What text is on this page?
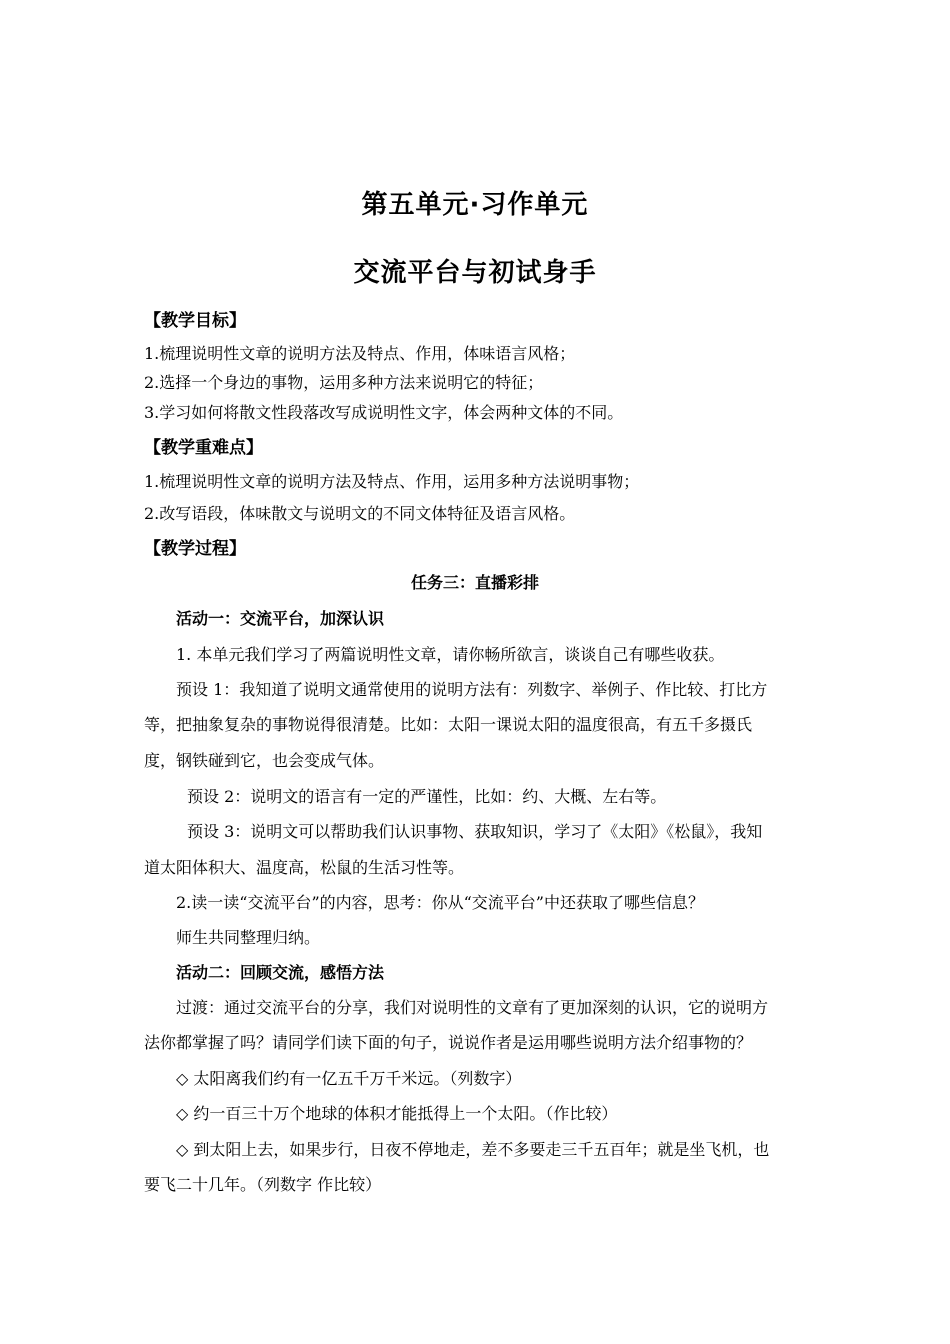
第五单元·习作单元
交流平台与初试身手
【教学目标】
1.梳理说明性文章的说明方法及特点、作用，体味语言风格；
2.选择一个身边的事物，运用多种方法来说明它的特征；
3.学习如何将散文性段落改写成说明性文字，体会两种文体的不同。
【教学重难点】
1.梳理说明性文章的说明方法及特点、作用，运用多种方法说明事物；
2.改写语段，体味散文与说明文的不同文体特征及语言风格。
【教学过程】
任务三：直播彩排
活动一：交流平台，加深认识
1. 本单元我们学习了两篇说明性文章，请你畅所欲言，谈谈自己有哪些收获。
预设 1：我知道了说明文通常使用的说明方法有：列数字、举例子、作比较、打比方
等，把抽象复杂的事物说得很清楚。比如：太阳一课说太阳的温度很高，有五千多摄氏
度，钢铁碰到它，也会变成气体。
预设 2：说明文的语言有一定的严谨性，比如：约、大概、左右等。
预设 3：说明文可以帮助我们认识事物、获取知识，学习了《太阳》《松鼠》，我知
道太阳体积大、温度高，松鼠的生活习性等。
2.读一读“交流平台”的内容，思考：你从“交流平台”中还获取了哪些信息？
师生共同整理归纳。
活动二：回顾交流，感悟方法
过渡：通过交流平台的分享，我们对说明性的文章有了更加深刻的认识，它的说明方
法你都掌握了吗？请同学们读下面的句子，说说作者是运用哪些说明方法介绍事物的？
◇ 太阳离我们约有一亿五千万千米远。（列数字）
◇ 约一百三十万个地球的体积才能抵得上一个太阳。（作比较）
◇ 到太阳上去，如果步行，日夜不停地走，差不多要走三千五百年；就是坐飞机，也
要飞二十几年。（列数字 作比较）
